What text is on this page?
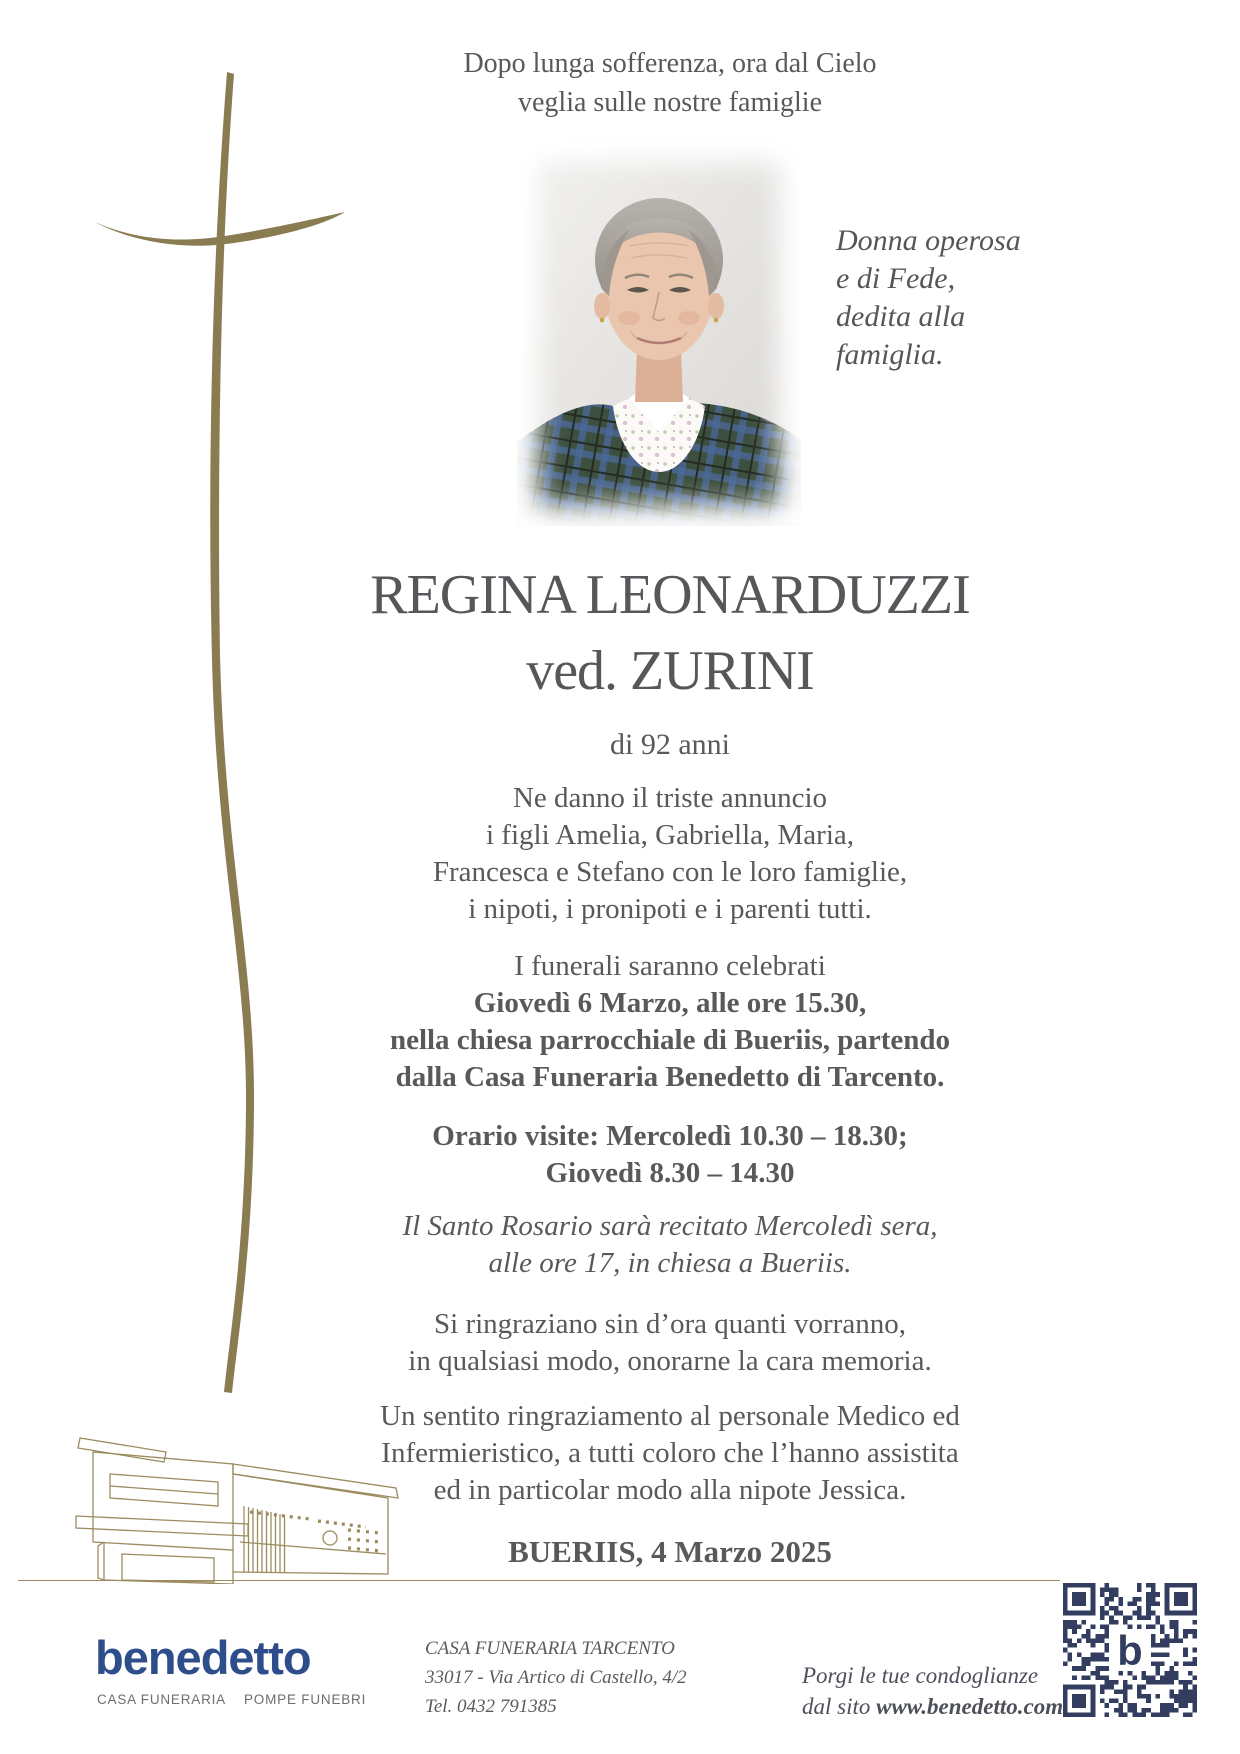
Dopo lunga sofferenza, ora dal Cielo
veglia sulle nostre famiglie
Donna operosa
e di Fede,
dedita alla
famiglia.
REGINA LEONARDUZZI
ved. ZURINI
di 92 anni
Ne danno il triste annuncio
i figli Amelia, Gabriella, Maria,
Francesca e Stefano con le loro famiglie,
i nipoti, i pronipoti e i parenti tutti.
I funerali saranno celebrati
Giovedì 6 Marzo, alle ore 15.30,
nella chiesa parrocchiale di Bueriis, partendo
dalla Casa Funeraria Benedetto di Tarcento.
Orario visite: Mercoledì 10.30 – 18.30;
Giovedì 8.30 – 14.30
Il Santo Rosario sarà recitato Mercoledì sera,
alle ore 17, in chiesa a Bueriis.
Si ringraziano sin d’ora quanti vorranno,
in qualsiasi modo, onorarne la cara memoria.
Un sentito ringraziamento al personale Medico ed
Infermieristico, a tutti coloro che l’hanno assistita
ed in particolar modo alla nipote Jessica.
BUERIIS, 4 Marzo 2025
benedetto
CASA FUNERARIA POMPE FUNEBRI
CASA FUNERARIA TARCENTO
33017 - Via Artico di Castello, 4/2
Tel. 0432 791385
Porgi le tue condoglianze
dal sito www.benedetto.com
b
